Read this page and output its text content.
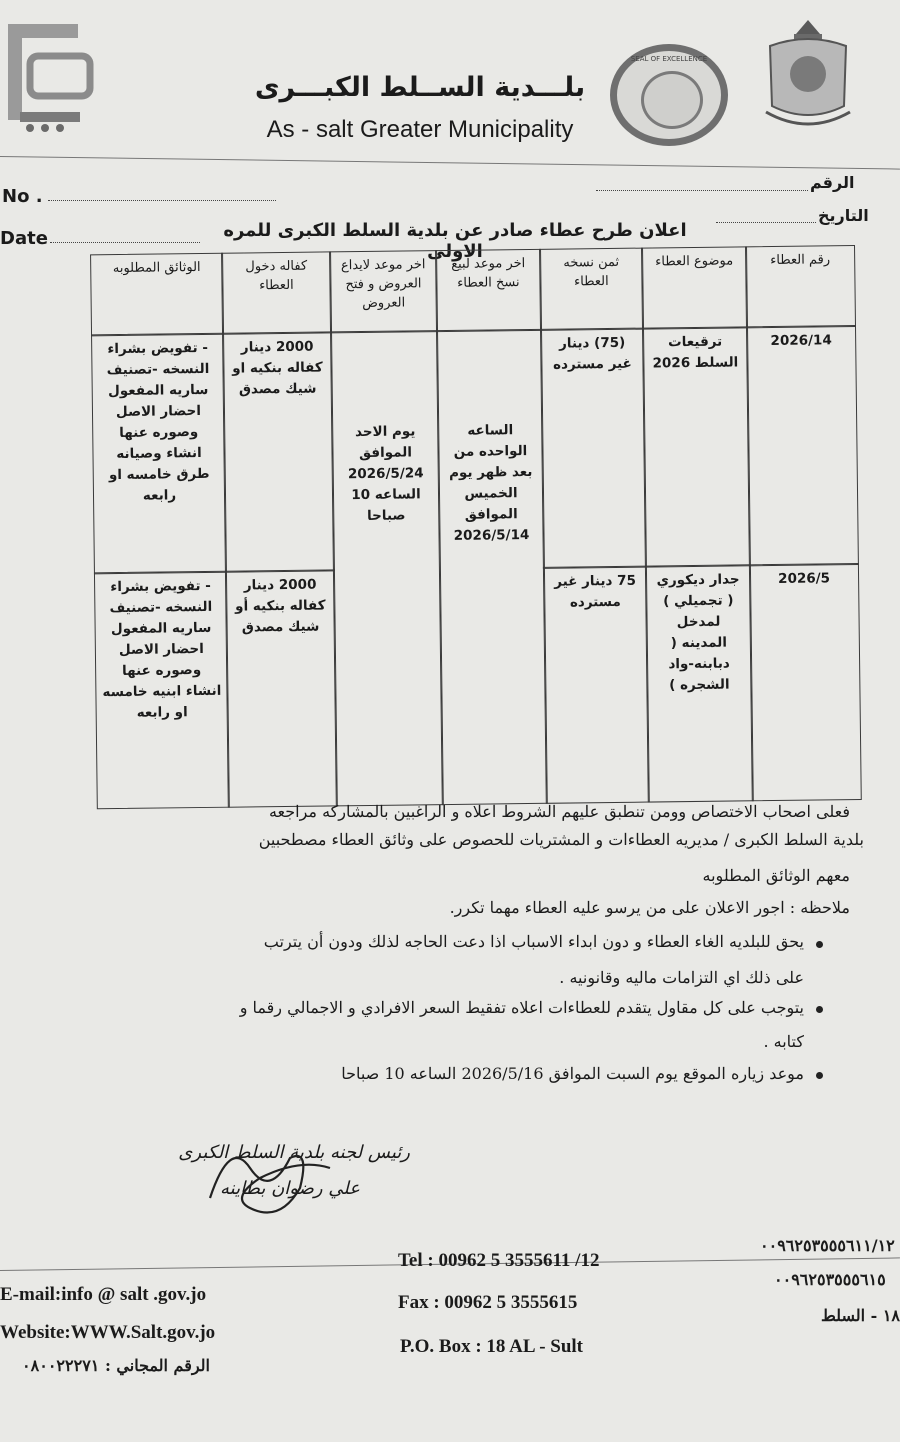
بلـــدية الســلط الكبـــرى
As - salt Greater Municipality
SEAL OF EXCELLENCE
الرقم
No .
التاريخ
Date	اعلان طرح عطاء صادر عن بلدية السلط الكبرى للمره الاولى	رقم العطاء
موضوع العطاء
ثمن نسخه العطاء
اخر موعد لبيع نسخ العطاء
اخر موعد لايداع العروض و فتح العروض
كفاله دخول العطاء
الوثائق المطلوبه
2026/14
ترقيعات السلط 2026
(75) دينار غير مسترده
2000 دينار كفاله بنكيه او شيك مصدق
- تفويض بشراء النسخه -تصنيف ساريه المفعول احضار الاصل وصوره عنها انشاء وصيانه طرق خامسه او رابعه
الساعه الواحده من بعد ظهر يوم الخميس الموافق 2026/5/14
يوم الاحد الموافق 2026/5/24 الساعه 10 صباحا
2026/5
جدار ديكوري ( تجميلي ) لمدخل المدينه ( دبابنه-واد الشجره )
75 دينار غير مسترده
2000 دينار كفاله بنكيه أو شيك مصدق
- تفويض بشراء النسخه -تصنيف ساريه المفعول احضار الاصل وصوره عنها انشاء ابنيه خامسه او رابعه
فعلى اصحاب الاختصاص وومن تنطبق عليهم الشروط اعلاه و الراغبين بالمشاركه مراجعه
بلدية السلط الكبرى / مديريه العطاءات و المشتريات للحصوص على وثائق العطاء مصطحبين
معهم الوثائق المطلوبه
ملاحظه : اجور الاعلان على من يرسو عليه العطاء مهما تكرر.
يحق للبلديه الغاء العطاء و دون ابداء الاسباب اذا دعت الحاجه لذلك ودون أن يترتب
على ذلك اي التزامات ماليه وقانونيه .
يتوجب على كل مقاول يتقدم للعطاءات اعلاه تفقيط السعر الافرادي و الاجمالي رقما و
كتابه .
موعد زياره الموقع يوم السبت الموافق 2026/5/16 الساعه 10 صباحا
رئيس لجنه بلدية السلط الكبرى
علي رضوان بطاينه
E-mail:info @ salt .gov.jo
Website:WWW.Salt.gov.jo
الرقم المجاني : ٠٨٠٠٢٢٢٧١
Tel : 00962 5 3555611 /12
Fax : 00962 5 3555615
P.O. Box : 18 AL - Sult
٠٠٩٦٢٥٣٥٥٥٦١١/١٢
٠٠٩٦٢٥٣٥٥٥٦١٥
١٨ - السلط
